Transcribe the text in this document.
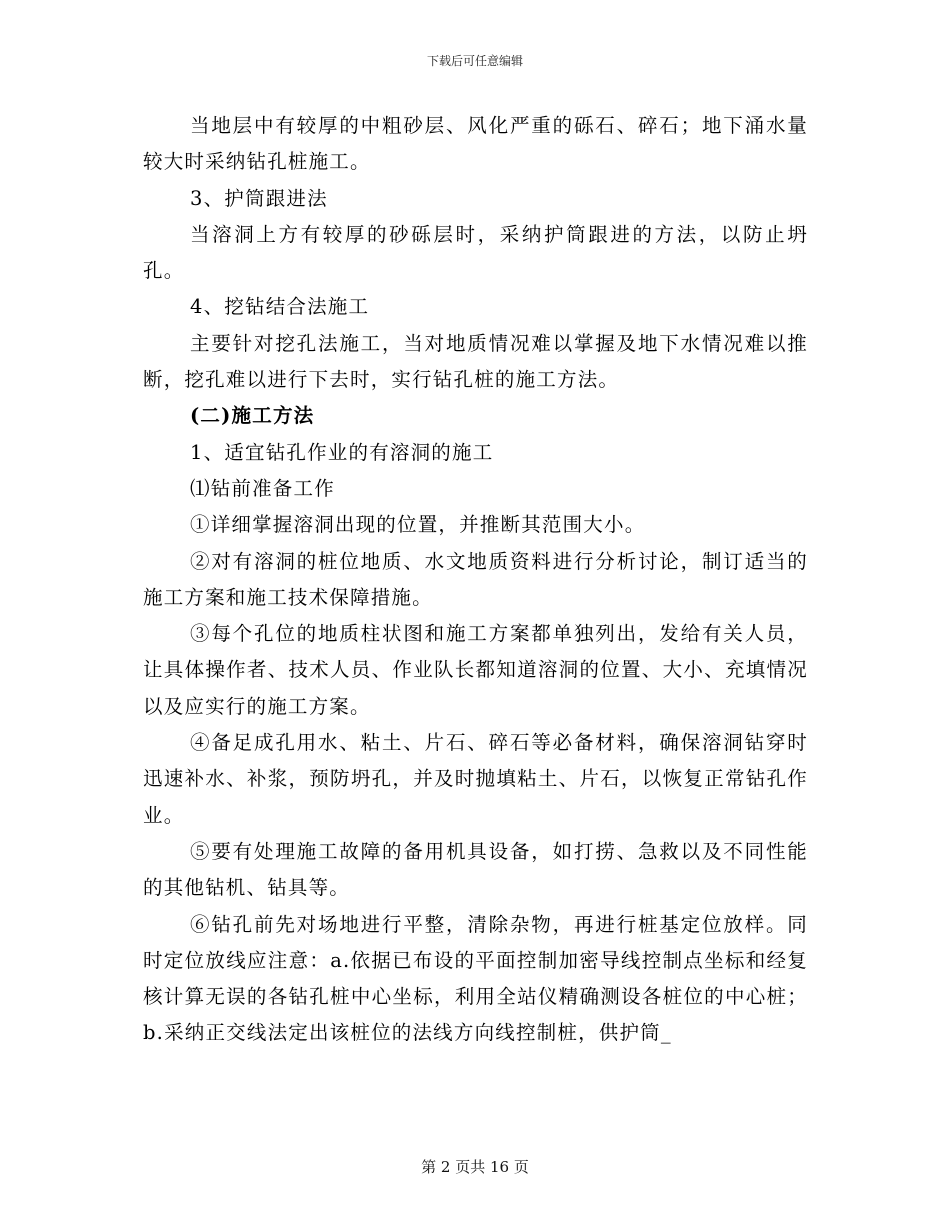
下载后可任意编辑

当地层中有较厚的中粗砂层、风化严重的砾石、碎石；地下涌水量较大时采纳钻孔桩施工。

3、护筒跟进法

当溶洞上方有较厚的砂砾层时，采纳护筒跟进的方法，以防止坍孔。

4、挖钻结合法施工

主要针对挖孔法施工，当对地质情况难以掌握及地下水情况难以推断，挖孔难以进行下去时，实行钻孔桩的施工方法。

(二)施工方法

1、适宜钻孔作业的有溶洞的施工

⑴钻前准备工作

①详细掌握溶洞出现的位置，并推断其范围大小。

②对有溶洞的桩位地质、水文地质资料进行分析讨论，制订适当的施工方案和施工技术保障措施。

③每个孔位的地质柱状图和施工方案都单独列出，发给有关人员，让具体操作者、技术人员、作业队长都知道溶洞的位置、大小、充填情况以及应实行的施工方案。

④备足成孔用水、粘土、片石、碎石等必备材料，确保溶洞钻穿时迅速补水、补浆，预防坍孔，并及时抛填粘土、片石，以恢复正常钻孔作业。

⑤要有处理施工故障的备用机具设备，如打捞、急救以及不同性能的其他钻机、钻具等。

⑥钻孔前先对场地进行平整，清除杂物，再进行桩基定位放样。同时定位放线应注意：a.依据已布设的平面控制加密导线控制点坐标和经复核计算无误的各钻孔桩中心坐标，利用全站仪精确测设各桩位的中心桩；b.采纳正交线法定出该桩位的法线方向线控制桩，供护筒_

第 2 页共 16 页
